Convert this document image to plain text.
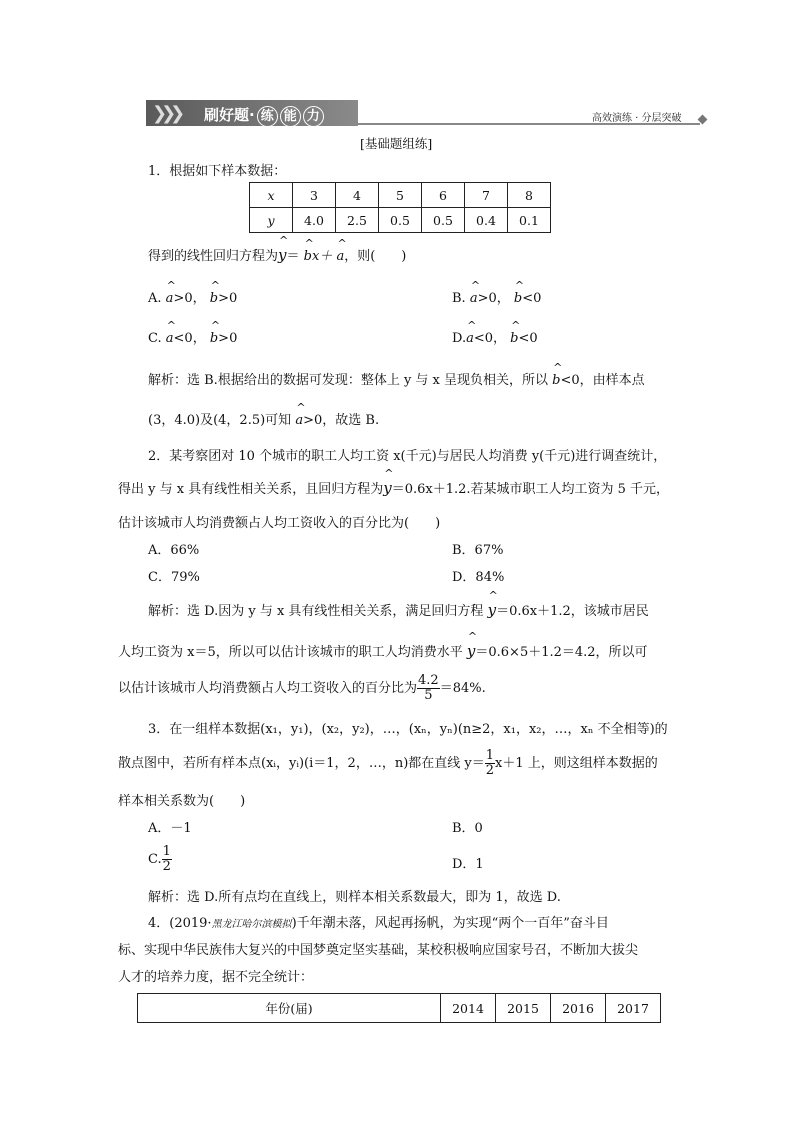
❯❯❯ 刷好题· 练 能 力	高效演练 · 分层突破
[基础题组练]
1．根据如下样本数据：
x	3	4	5	6	7	8
y	4.0	2.5	0.5	0.5	0.4	0.1
得到的线性回归方程为^ y＝ ^ bx＋ ^ a，则(　　)
A. ^ a>0， ^ b>0	B. ^ a>0， ^ b<0
C. ^ a<0， ^ b>0	D.^ a<0， ^ b<0
解析：选 B.根据给出的数据可发现：整体上 y 与 x 呈现负相关，所以 ^ b<0，由样本点
(3，4.0)及(4，2.5)可知 ^ a>0，故选 B.
2．某考察团对 10 个城市的职工人均工资 x(千元)与居民人均消费 y(千元)进行调查统计，
得出 y 与 x 具有线性相关关系，且回归方程为^ y＝0.6x＋1.2.若某城市职工人均工资为 5 千元，
估计该城市人均消费额占人均工资收入的百分比为(　　)
A．66%	B．67%
C．79%	D．84%
解析：选 D.因为 y 与 x 具有线性相关关系，满足回归方程 ^ y＝0.6x＋1.2，该城市居民
人均工资为 x＝5，所以可以估计该城市的职工人均消费水平 ^ y＝0.6×5＋1.2＝4.2，所以可
以估计该城市人均消费额占人均工资收入的百分比为 $\frac{4.2}{5} =84\%$.
3．在一组样本数据(x₁，y₁)，(x₂，y₂)，…，(xₙ，yₙ)(n≥2，x₁，x₂，…，xₙ 不全相等)的
散点图中，若所有样本点(xᵢ，yᵢ)(i＝1，2，…，n)都在直线 $y= \frac{1}{2} x+1$ 上，则这组样本数据的
样本相关系数为(　　)
A．－1	B．0
C. $\frac{1}{2}$	D．1
解析：选 D.所有点均在直线上，则样本相关系数最大，即为 1，故选 D.
4．(2019·黑龙江哈尔滨模拟)千年潮未落，风起再扬帆，为实现“两个一百年”奋斗目
标、实现中华民族伟大复兴的中国梦奠定坚实基础，某校积极响应国家号召，不断加大拔尖
人才的培养力度，据不完全统计：
年份(届)	2014	2015	2016	2017
